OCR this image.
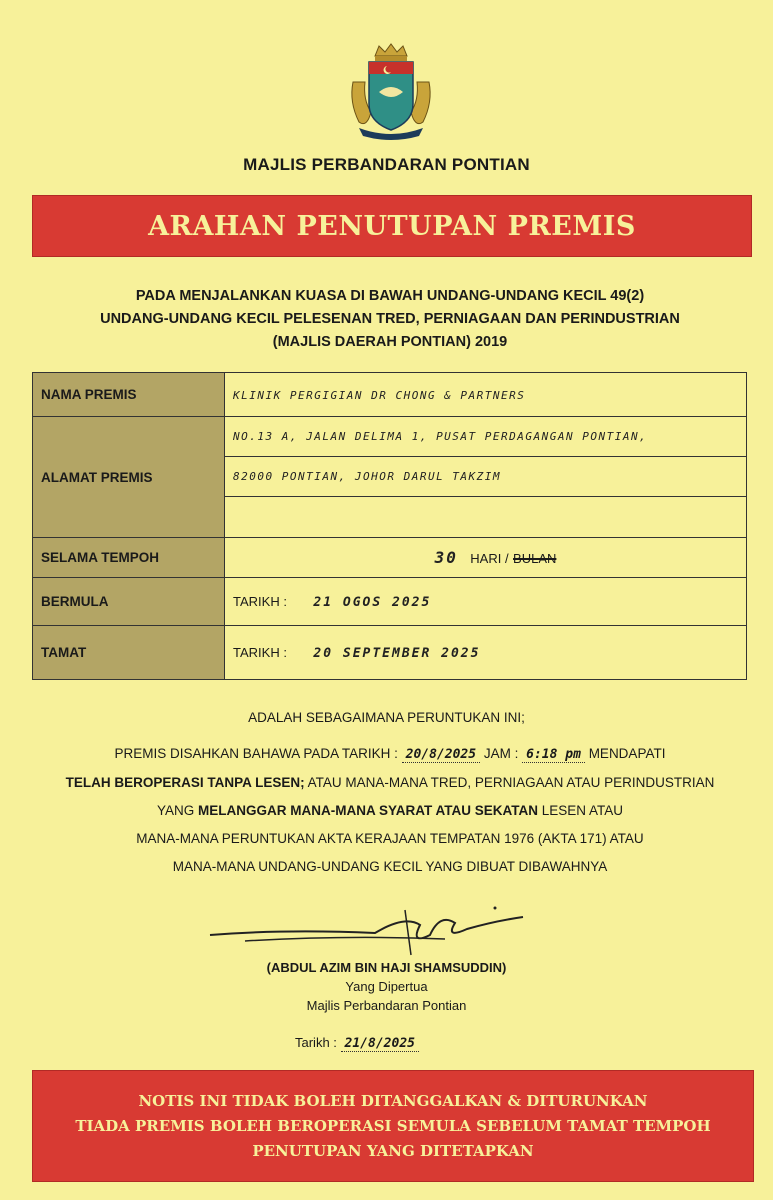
MAJLIS PERBANDARAN PONTIAN
ARAHAN PENUTUPAN PREMIS
PADA MENJALANKAN KUASA DI BAWAH UNDANG-UNDANG KECIL 49(2)
UNDANG-UNDANG KECIL PELESENAN TRED, PERNIAGAAN DAN PERINDUSTRIAN
(MAJLIS DAERAH PONTIAN) 2019
NAMA PREMIS	KLINIK PERGIGIAN DR CHONG & PARTNERS
ALAMAT PREMIS	NO.13 A, JALAN DELIMA 1, PUSAT PERDAGANGAN PONTIAN,
82000 PONTIAN, JOHOR DARUL TAKZIM

SELAMA TEMPOH	30 HARI / BULAN
BERMULA	TARIKH : 21 OGOS 2025
TAMAT	TARIKH : 20 SEPTEMBER 2025
ADALAH SEBAGAIMANA PERUNTUKAN INI;
PREMIS DISAHKAN BAHAWA PADA TARIKH : 20/8/2025 JAM : 6:18 pm MENDAPATI
TELAH BEROPERASI TANPA LESEN; ATAU MANA-MANA TRED, PERNIAGAAN ATAU PERINDUSTRIAN
YANG MELANGGAR MANA-MANA SYARAT ATAU SEKATAN LESEN ATAU
MANA-MANA PERUNTUKAN AKTA KERAJAAN TEMPATAN 1976 (AKTA 171) ATAU
MANA-MANA UNDANG-UNDANG KECIL YANG DIBUAT DIBAWAHNYA
(ABDUL AZIM BIN HAJI SHAMSUDDIN)
Yang Dipertua
Majlis Perbandaran Pontian
Tarikh : 21/8/2025
NOTIS INI TIDAK BOLEH DITANGGALKAN & DITURUNKAN
TIADA PREMIS BOLEH BEROPERASI SEMULA SEBELUM TAMAT TEMPOH
PENUTUPAN YANG DITETAPKAN
